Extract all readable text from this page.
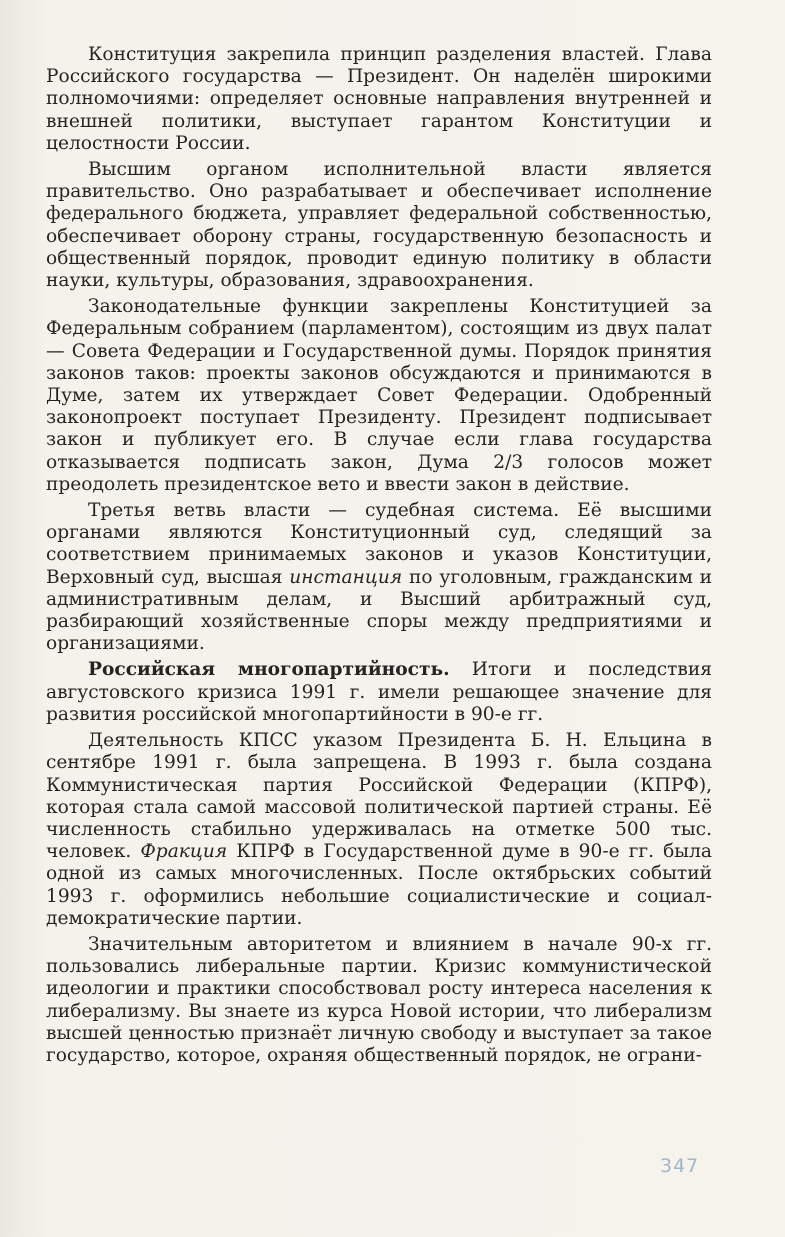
Конституция закрепила принцип разделения властей. Глава Российского государства — Президент. Он наделён широкими полномочиями: определяет основные направления внутренней и внешней политики, выступает гарантом Конституции и целостности России.

Высшим органом исполнительной власти является правительство. Оно разрабатывает и обеспечивает исполнение федерального бюджета, управляет федеральной собственностью, обеспечивает оборону страны, государственную безопасность и общественный порядок, проводит единую политику в области науки, культуры, образования, здравоохранения.

Законодательные функции закреплены Конституцией за Федеральным собранием (парламентом), состоящим из двух палат — Совета Федерации и Государственной думы. Порядок принятия законов таков: проекты законов обсуждаются и принимаются в Думе, затем их утверждает Совет Федерации. Одобренный законопроект поступает Президенту. Президент подписывает закон и публикует его. В случае если глава государства отказывается подписать закон, Дума 2/3 голосов может преодолеть президентское вето и ввести закон в действие.

Третья ветвь власти — судебная система. Её высшими органами являются Конституционный суд, следящий за соответствием принимаемых законов и указов Конституции, Верховный суд, высшая инстанция по уголовным, гражданским и административным делам, и Высший арбитражный суд, разбирающий хозяйственные споры между предприятиями и организациями.

Российская многопартийность. Итоги и последствия августовского кризиса 1991 г. имели решающее значение для развития российской многопартийности в 90-е гг.

Деятельность КПСС указом Президента Б. Н. Ельцина в сентябре 1991 г. была запрещена. В 1993 г. была создана Коммунистическая партия Российской Федерации (КПРФ), которая стала самой массовой политической партией страны. Её численность стабильно удерживалась на отметке 500 тыс. человек. Фракция КПРФ в Государственной думе в 90-е гг. была одной из самых многочисленных. После октябрьских событий 1993 г. оформились небольшие социалистические и социал-демократические партии.

Значительным авторитетом и влиянием в начале 90-х гг. пользовались либеральные партии. Кризис коммунистической идеологии и практики способствовал росту интереса населения к либерализму. Вы знаете из курса Новой истории, что либерализм высшей ценностью признаёт личную свободу и выступает за такое государство, которое, охраняя общественный порядок, не ограни-

347
